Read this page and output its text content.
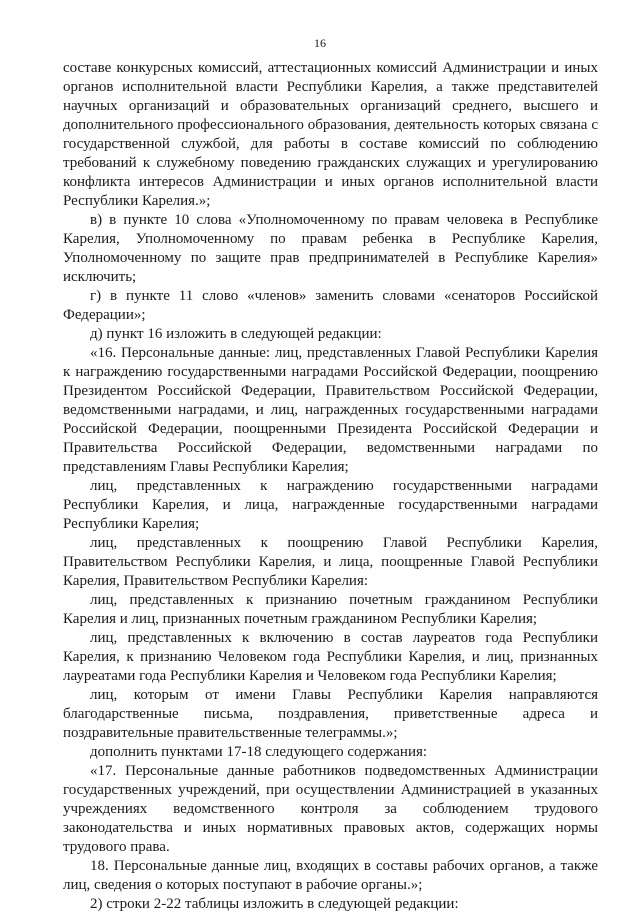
16

составе конкурсных комиссий, аттестационных комиссий Администрации и иных органов исполнительной власти Республики Карелия, а также представителей научных организаций и образовательных организаций среднего, высшего и дополнительного профессионального образования, деятельность которых связана с государственной службой, для работы в составе комиссий по соблюдению требований к служебному поведению гражданских служащих и урегулированию конфликта интересов Администрации и иных органов исполнительной власти Республики Карелия.»;

в) в пункте 10 слова «Уполномоченному по правам человека в Республике Карелия, Уполномоченному по правам ребенка в Республике Карелия, Уполномоченному по защите прав предпринимателей в Республике Карелия» исключить;

г) в пункте 11 слово «членов» заменить словами «сенаторов Российской Федерации»;

д) пункт 16 изложить в следующей редакции:

«16. Персональные данные: лиц, представленных Главой Республики Карелия к награждению государственными наградами Российской Федерации, поощрению Президентом Российской Федерации, Правительством Российской Федерации, ведомственными наградами, и лиц, награжденных государственными наградами Российской Федерации, поощренными Президента Российской Федерации и Правительства Российской Федерации, ведомственными наградами по представлениям Главы Республики Карелия;

лиц, представленных к награждению государственными наградами Республики Карелия, и лица, награжденные государственными наградами Республики Карелия;

лиц, представленных к поощрению Главой Республики Карелия, Правительством Республики Карелия, и лица, поощренные Главой Республики Карелия, Правительством Республики Карелия:

лиц, представленных к признанию почетным гражданином Республики Карелия и лиц, признанных почетным гражданином Республики Карелия;

лиц, представленных к включению в состав лауреатов года Республики Карелия, к признанию Человеком года Республики Карелия, и лиц, признанных лауреатами года Республики Карелия и Человеком года Республики Карелия;

лиц, которым от имени Главы Республики Карелия направляются благодарственные письма, поздравления, приветственные адреса и поздравительные правительственные телеграммы.»;

дополнить пунктами 17-18 следующего содержания:

«17. Персональные данные работников подведомственных Администрации государственных учреждений, при осуществлении Администрацией в указанных учреждениях ведомственного контроля за соблюдением трудового законодательства и иных нормативных правовых актов, содержащих нормы трудового права.

18. Персональные данные лиц, входящих в составы рабочих органов, а также лиц, сведения о которых поступают в рабочие органы.»;

2) строки 2-22 таблицы изложить в следующей редакции:
